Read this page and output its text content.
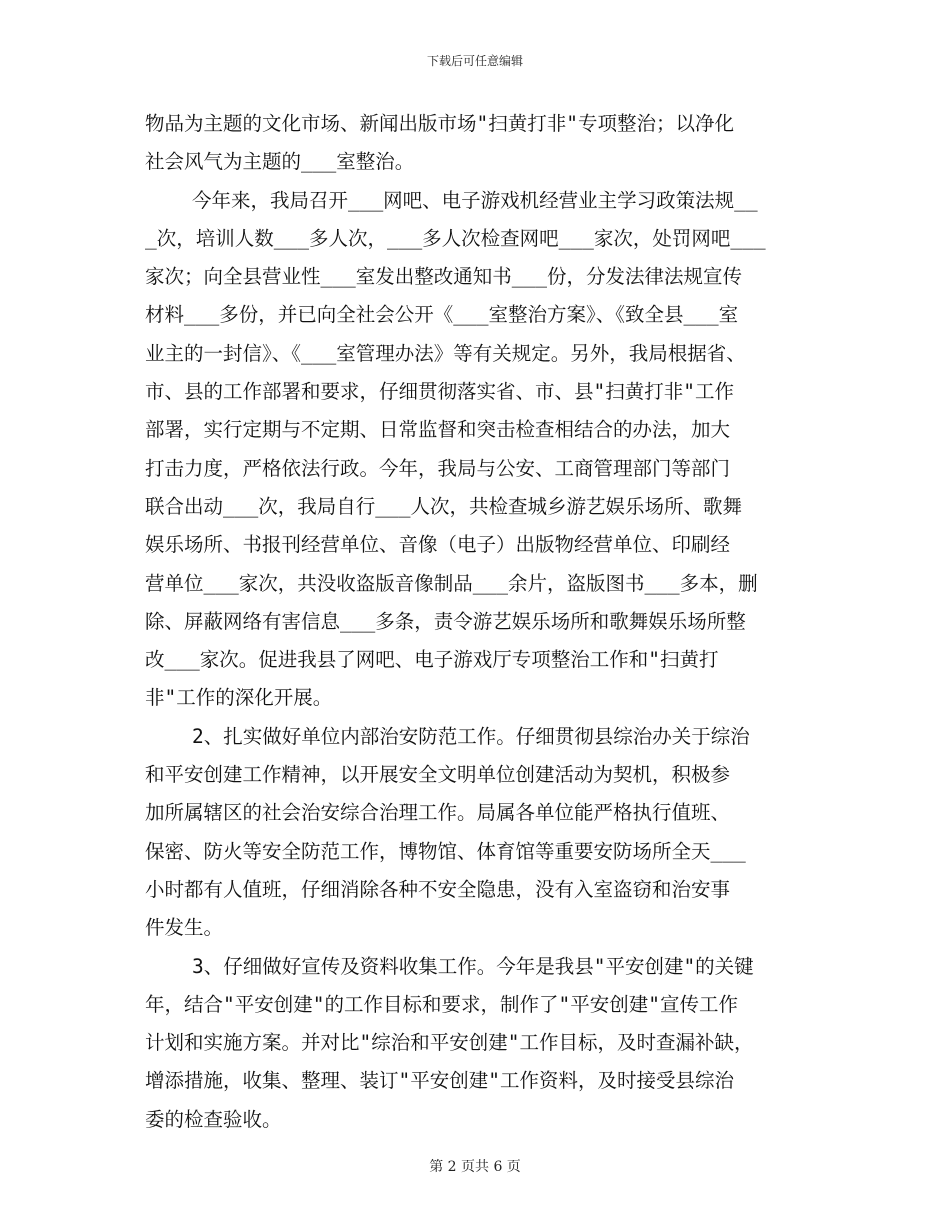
下载后可任意编辑
物品为主题的文化市场、新闻出版市场"扫黄打非"专项整治；以净化
社会风气为主题的___室整治。
今年来，我局召开___网吧、电子游戏机经营业主学习政策法规__
_次，培训人数___多人次，___多人次检查网吧___家次，处罚网吧___
家次；向全县营业性___室发出整改通知书___份，分发法律法规宣传
材料___多份，并已向全社会公开《___室整治方案》、《致全县___室
业主的一封信》、《___室管理办法》等有关规定。另外，我局根据省、
市、县的工作部署和要求，仔细贯彻落实省、市、县"扫黄打非"工作
部署，实行定期与不定期、日常监督和突击检查相结合的办法，加大
打击力度，严格依法行政。今年，我局与公安、工商管理部门等部门
联合出动___次，我局自行___人次，共检查城乡游艺娱乐场所、歌舞
娱乐场所、书报刊经营单位、音像（电子）出版物经营单位、印刷经
营单位___家次，共没收盗版音像制品___余片，盗版图书___多本，删
除、屏蔽网络有害信息___多条，责令游艺娱乐场所和歌舞娱乐场所整
改___家次。促进我县了网吧、电子游戏厅专项整治工作和"扫黄打
非"工作的深化开展。
2、扎实做好单位内部治安防范工作。仔细贯彻县综治办关于综治
和平安创建工作精神，以开展安全文明单位创建活动为契机，积极参
加所属辖区的社会治安综合治理工作。局属各单位能严格执行值班、
保密、防火等安全防范工作，博物馆、体育馆等重要安防场所全天___
小时都有人值班，仔细消除各种不安全隐患，没有入室盗窃和治安事
件发生。
3、仔细做好宣传及资料收集工作。今年是我县"平安创建"的关键
年，结合"平安创建"的工作目标和要求，制作了"平安创建"宣传工作
计划和实施方案。并对比"综治和平安创建"工作目标，及时查漏补缺，
增添措施，收集、整理、装订"平安创建"工作资料，及时接受县综治
委的检查验收。
第 2 页共 6 页
